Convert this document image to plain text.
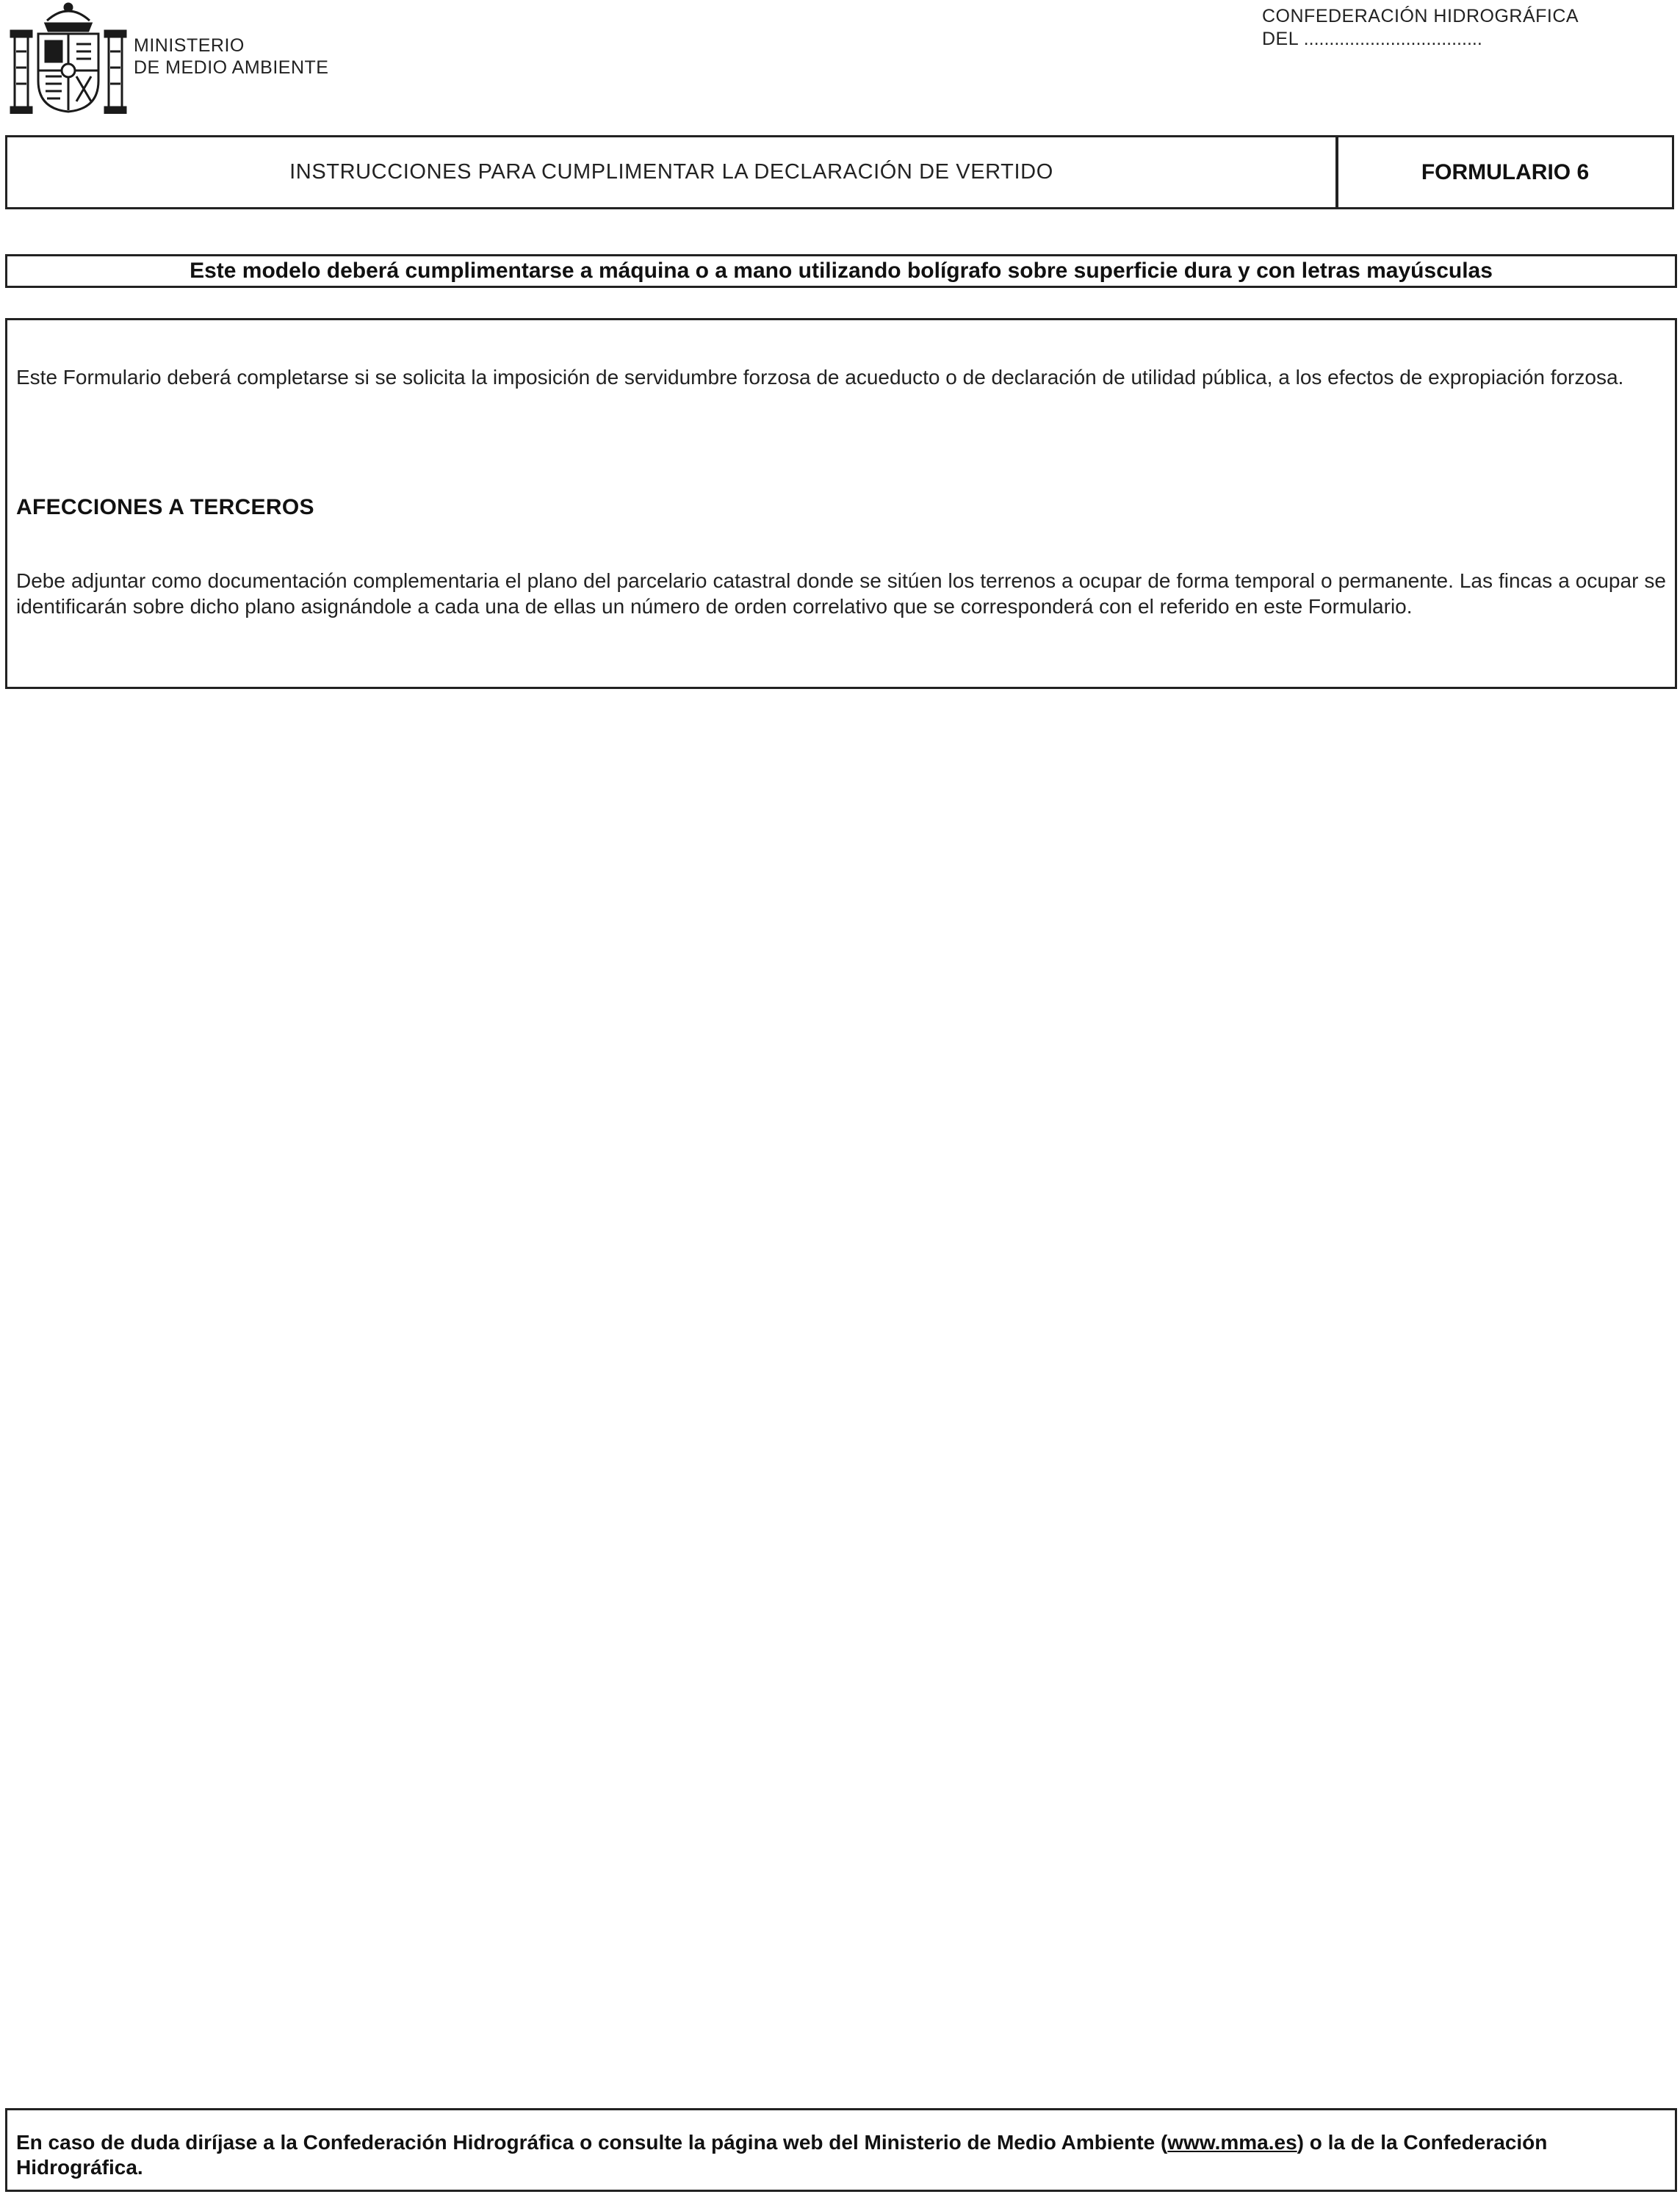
MINISTERIO
DE MEDIO AMBIENTE
CONFEDERACIÓN HIDROGRÁFICA
DEL ...................................
INSTRUCCIONES PARA CUMPLIMENTAR LA DECLARACIÓN DE VERTIDO	FORMULARIO 6
Este modelo deberá cumplimentarse a máquina o a mano utilizando bolígrafo sobre superficie dura y con letras mayúsculas
Este Formulario deberá completarse si se solicita la imposición de servidumbre forzosa de acueducto o de declaración de utilidad pública, a los efectos de expropiación forzosa.
AFECCIONES A TERCEROS
Debe adjuntar como documentación complementaria el plano del parcelario catastral donde se sitúen los terrenos a ocupar de forma temporal o permanente. Las fincas a ocupar se identificarán sobre dicho plano asignándole a cada una de ellas un número de orden correlativo que se corresponderá con el referido en este Formulario.
En caso de duda diríjase a la Confederación Hidrográfica o consulte la página web del Ministerio de Medio Ambiente (www.mma.es) o la de la Confederación Hidrográfica.
